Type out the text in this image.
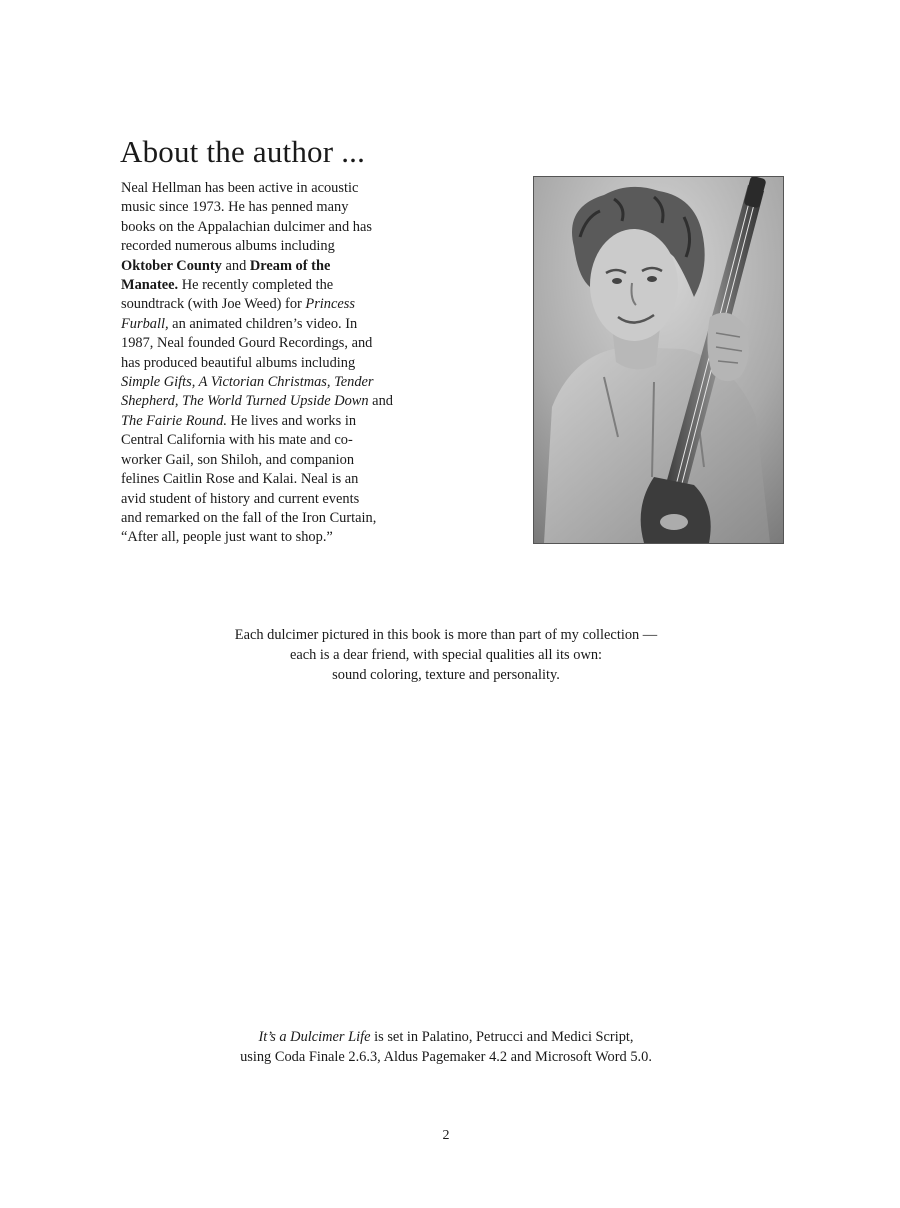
About the author ...

Neal Hellman has been active in acoustic
music since 1973. He has penned many
books on the Appalachian dulcimer and has
recorded numerous albums including
Oktober County and Dream of the
Manatee. He recently completed the
soundtrack (with Joe Weed) for Princess
Furball, an animated children’s video. In
1987, Neal founded Gourd Recordings, and
has produced beautiful albums including
Simple Gifts, A Victorian Christmas, Tender
Shepherd, The World Turned Upside Down and
The Fairie Round. He lives and works in
Central California with his mate and co-
worker Gail, son Shiloh, and companion
felines Caitlin Rose and Kalai. Neal is an
avid student of history and current events
and remarked on the fall of the Iron Curtain,
“After all, people just want to shop.”

Each dulcimer pictured in this book is more than part of my collection —
each is a dear friend, with special qualities all its own:
sound coloring, texture and personality.

It’s a Dulcimer Life is set in Palatino, Petrucci and Medici Script,
using Coda Finale 2.6.3, Aldus Pagemaker 4.2 and Microsoft Word 5.0.

2
